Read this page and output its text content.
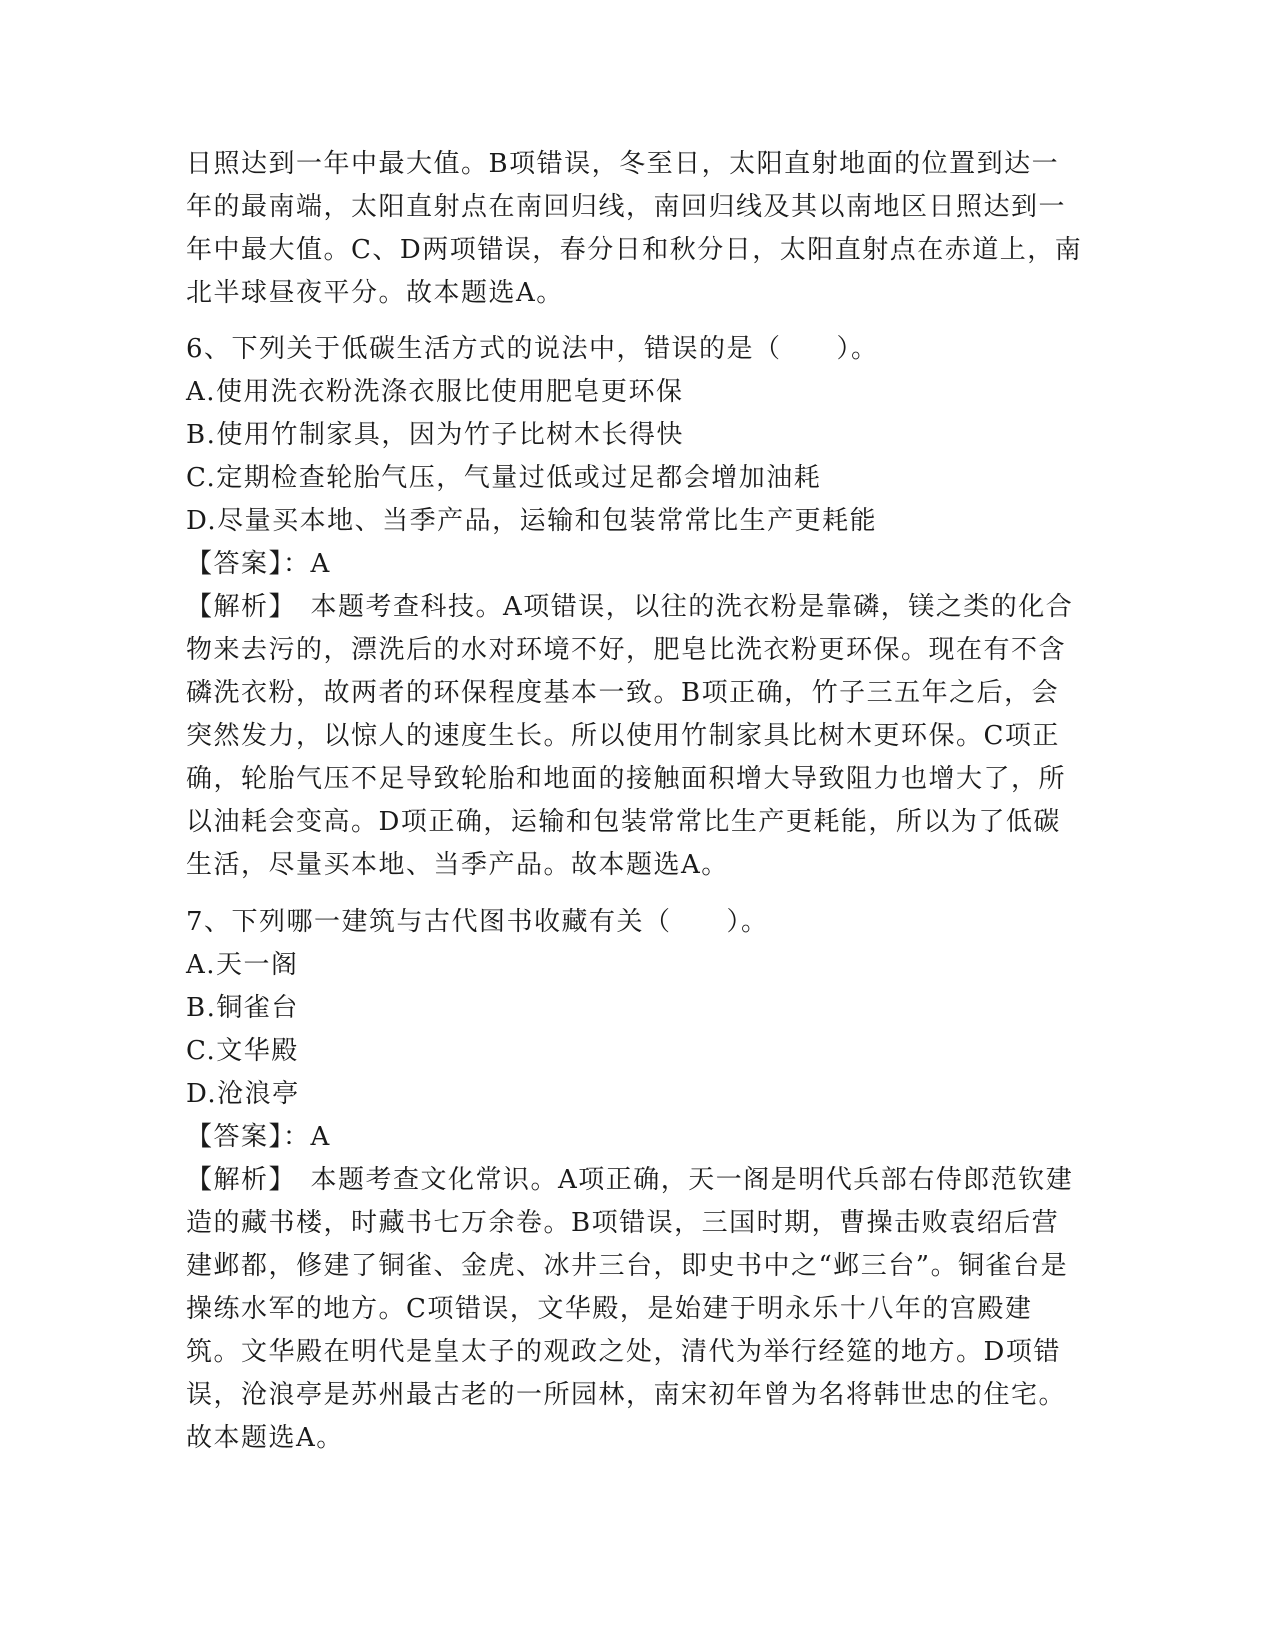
日照达到一年中最大值。B项错误，冬至日，太阳直射地面的位置到达一年的最南端，太阳直射点在南回归线，南回归线及其以南地区日照达到一年中最大值。C、D两项错误，春分日和秋分日，太阳直射点在赤道上，南北半球昼夜平分。故本题选A。

6、下列关于低碳生活方式的说法中，错误的是（　　）。

A.使用洗衣粉洗涤衣服比使用肥皂更环保

B.使用竹制家具，因为竹子比树木长得快

C.定期检查轮胎气压，气量过低或过足都会增加油耗

D.尽量买本地、当季产品，运输和包装常常比生产更耗能

【答案】：A

【解析】　本题考查科技。A项错误，以往的洗衣粉是靠磷，镁之类的化合物来去污的，漂洗后的水对环境不好，肥皂比洗衣粉更环保。现在有不含磷洗衣粉，故两者的环保程度基本一致。B项正确，竹子三五年之后，会突然发力，以惊人的速度生长。所以使用竹制家具比树木更环保。C项正确，轮胎气压不足导致轮胎和地面的接触面积增大导致阻力也增大了，所以油耗会变高。D项正确，运输和包装常常比生产更耗能，所以为了低碳生活，尽量买本地、当季产品。故本题选A。

7、下列哪一建筑与古代图书收藏有关（　　）。

A.天一阁

B.铜雀台

C.文华殿

D.沧浪亭

【答案】：A

【解析】　本题考查文化常识。A项正确，天一阁是明代兵部右侍郎范钦建造的藏书楼，时藏书七万余卷。B项错误，三国时期，曹操击败袁绍后营建邺都，修建了铜雀、金虎、冰井三台，即史书中之“邺三台”。铜雀台是操练水军的地方。C项错误，文华殿，是始建于明永乐十八年的宫殿建筑。文华殿在明代是皇太子的观政之处，清代为举行经筵的地方。D项错误，沧浪亭是苏州最古老的一所园林，南宋初年曾为名将韩世忠的住宅。故本题选A。
